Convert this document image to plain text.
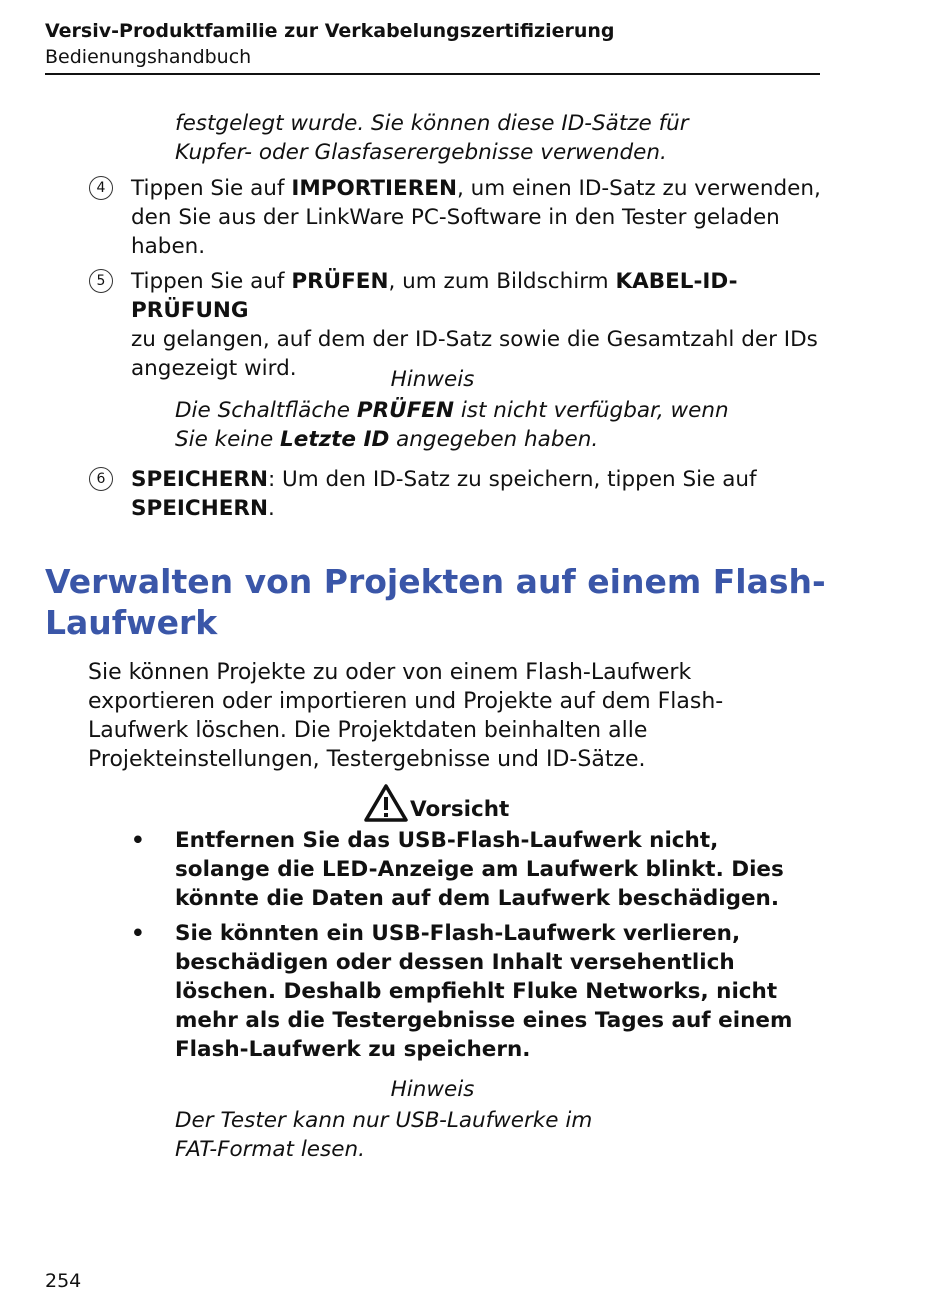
Versiv-Produktfamilie zur Verkabelungszertifizierung
Bedienungshandbuch
festgelegt wurde. Sie können diese ID-Sätze für
Kupfer- oder Glasfaserergebnisse verwenden.
4	Tippen Sie auf IMPORTIEREN, um einen ID-Satz zu verwenden,
den Sie aus der LinkWare PC-Software in den Tester geladen
haben.
5	Tippen Sie auf PRÜFEN, um zum Bildschirm KABEL-ID-PRÜFUNG
zu gelangen, auf dem der ID-Satz sowie die Gesamtzahl der IDs
angezeigt wird.	Hinweis
Die Schaltfläche PRÜFEN ist nicht verfügbar, wenn
Sie keine Letzte ID angegeben haben.
6	SPEICHERN: Um den ID-Satz zu speichern, tippen Sie auf
SPEICHERN.
Verwalten von Projekten auf einem Flash-
Laufwerk
Sie können Projekte zu oder von einem Flash-Laufwerk
exportieren oder importieren und Projekte auf dem Flash-
Laufwerk löschen. Die Projektdaten beinhalten alle
Projekteinstellungen, Testergebnisse und ID-Sätze.
Vorsicht
• Entfernen Sie das USB-Flash-Laufwerk nicht,
solange die LED-Anzeige am Laufwerk blinkt. Dies
könnte die Daten auf dem Laufwerk beschädigen.
• Sie könnten ein USB-Flash-Laufwerk verlieren,
beschädigen oder dessen Inhalt versehentlich
löschen. Deshalb empfiehlt Fluke Networks, nicht
mehr als die Testergebnisse eines Tages auf einem
Flash-Laufwerk zu speichern.
Hinweis
Der Tester kann nur USB-Laufwerke im
FAT-Format lesen.
254
